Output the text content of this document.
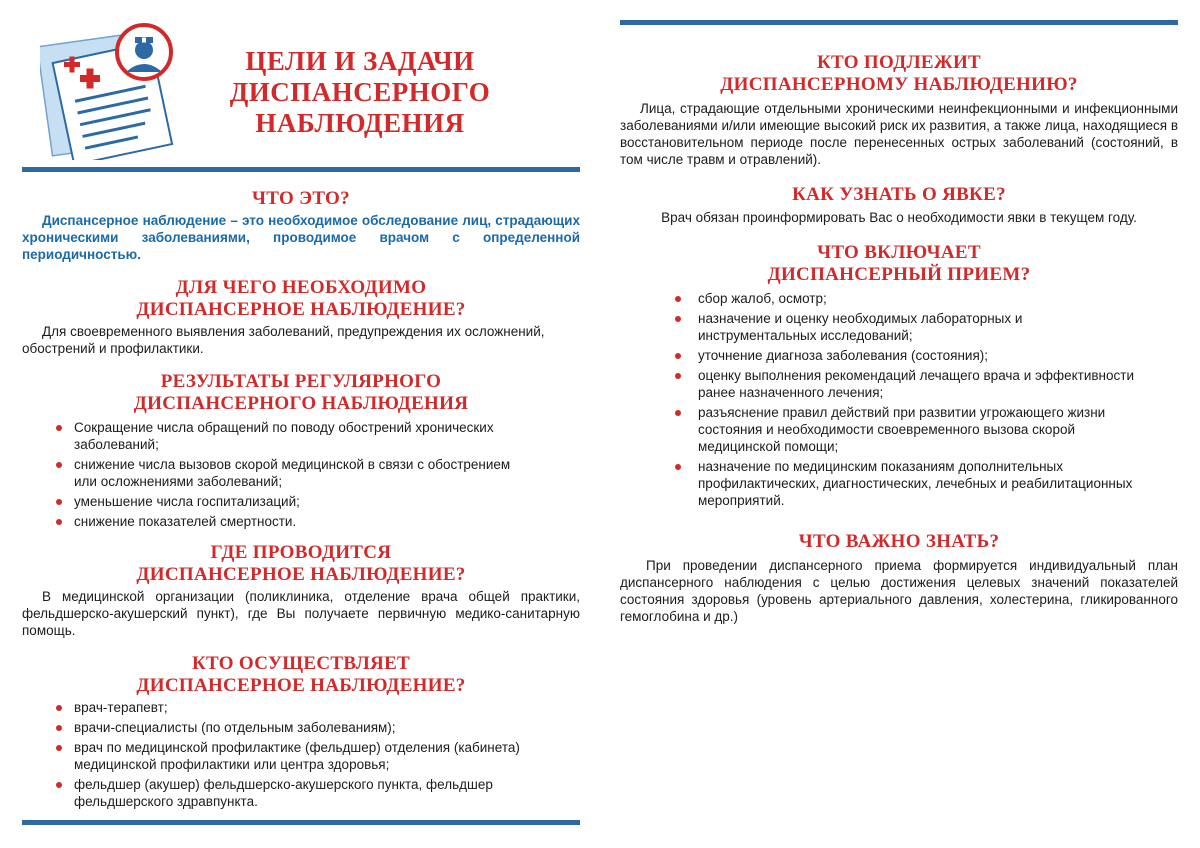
ЦЕЛИ И ЗАДАЧИ
ДИСПАНСЕРНОГО
НАБЛЮДЕНИЯ
ЧТО ЭТО?

Диспансерное наблюдение – это необходимое обследование лиц, страдающих хроническими заболеваниями, проводимое врачом с определенной периодичностью.

ДЛЯ ЧЕГО НЕОБХОДИМО
ДИСПАНСЕРНОЕ НАБЛЮДЕНИЕ?

Для своевременного выявления заболеваний, предупреждения их осложнений, обострений и профилактики.

РЕЗУЛЬТАТЫ РЕГУЛЯРНОГО
ДИСПАНСЕРНОГО НАБЛЮДЕНИЯ
Сокращение числа обращений по поводу обострений хронических заболеваний;
снижение числа вызовов скорой медицинской в связи с обострением или осложнениями заболеваний;
уменьшение числа госпитализаций;
снижение показателей смертности.
ГДЕ ПРОВОДИТСЯ
ДИСПАНСЕРНОЕ НАБЛЮДЕНИЕ?

В медицинской организации (поликлиника, отделение врача общей практики, фельдшерско-акушерский пункт), где Вы получаете первичную медико-санитарную помощь.

КТО ОСУЩЕСТВЛЯЕТ
ДИСПАНСЕРНОЕ НАБЛЮДЕНИЕ?
врач-терапевт;
врачи-специалисты (по отдельным заболеваниям);
врач по медицинской профилактике (фельдшер) отделения (кабинета) медицинской профилактики или центра здоровья;
фельдшер (акушер) фельдшерско-акушерского пункта, фельдшер фельдшерского здравпункта.
КТО ПОДЛЕЖИТ
ДИСПАНСЕРНОМУ НАБЛЮДЕНИЮ?

Лица, страдающие отдельными хроническими неинфекционными и инфекционными заболеваниями и/или имеющие высокий риск их развития, а также лица, находящиеся в восстановительном периоде после перенесенных острых заболеваний (состояний, в том числе травм и отравлений).

КАК УЗНАТЬ О ЯВКЕ?

Врач обязан проинформировать Вас о необходимости явки в текущем году.

ЧТО ВКЛЮЧАЕТ
ДИСПАНСЕРНЫЙ ПРИЕМ?
сбор жалоб, осмотр;
назначение и оценку необходимых лабораторных и инструментальных исследований;
уточнение диагноза заболевания (состояния);
оценку выполнения рекомендаций лечащего врача и эффективности ранее назначенного лечения;
разъяснение правил действий при развитии угрожающего жизни состояния и необходимости своевременного вызова скорой медицинской помощи;
назначение по медицинским показаниям дополнительных профилактических, диагностических, лечебных и реабилитационных мероприятий.
ЧТО ВАЖНО ЗНАТЬ?

При проведении диспансерного приема формируется индивидуальный план диспансерного наблюдения с целью достижения целевых значений показателей состояния здоровья (уровень артериального давления, холестерина, гликированного гемоглобина и др.)
